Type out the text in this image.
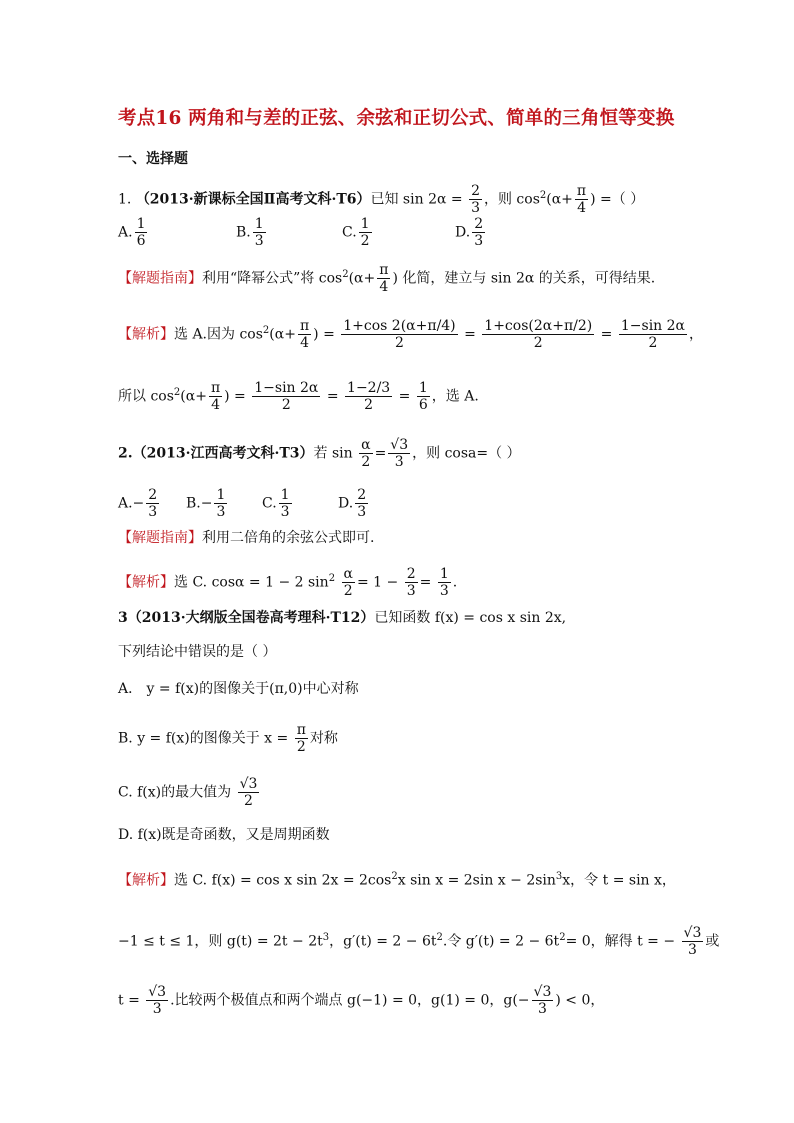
考点16 两角和与差的正弦、余弦和正切公式、简单的三角恒等变换
一、选择题
1. （2013·新课标全国Ⅱ高考文科·T6）已知 $\sin 2\alpha = \frac{2}{3}$ ，则 $\cos^2(\alpha+ \frac{\pi}{4}$ ) =（ ）
A. $\frac{1}{6}$	B. $\frac{1}{3}$	C. $\frac{1}{2}$	D. $\frac{2}{3}$
【解题指南】利用“降幂公式”将 $\cos^2(\alpha+ \frac{\pi}{4}$ ) 化简，建立与 sin 2α 的关系，可得结果.
【解析】选 A.因为 $\cos^2(\alpha+ \frac{\pi}{4}$ ) = $\frac{1+\cos 2(\alpha+\pi/4)}{2} = \frac{1+\cos(2\alpha+\pi/2)}{2} = \frac{1-\sin 2\alpha}{2}$ ，
所以 $\cos^2(\alpha+ \frac{\pi}{4}$ ) = $\frac{1-\sin 2\alpha}{2} = \frac{1-2/3}{2} = \frac{1}{6}$ ，选 A.
2.（2013·江西高考文科·T3）若 $\sin \frac{\alpha}{2} = \frac{√3}{3}$ ，则 cosa=（ ）
$A.- \frac{2}{3} B.- \frac{1}{3} C$. $\frac{1}{3}$	D. $\frac{2}{3}$
【解题指南】利用二倍角的余弦公式即可.
【解析】选 C. cosα = 1 − 2 $\sin^2 \frac{\alpha}{2} = 1 - \frac{2}{3} = \frac{1}{3}$ .
3（2013·大纲版全国卷高考理科·T12）已知函数 f(x) = cos x sin 2x,
下列结论中错误的是（ ）
A． y = f(x)的图像关于(π,0)中心对称
B. y = f(x)的图像关于 $x = \frac{\pi}{2}$ 对称
C. f(x)的最大值为 $\frac{√3}{2}$
D. f(x)既是奇函数，又是周期函数
【解析】选 C. f(x) = cos x $\sin 2x = 2\cos^2x$ sin x = 2sin $x - 2\sin^3x$，令 t = sin x，
−1 ≤ t ≤ 1，则 $g(t) = 2t - 2t^3$，$g'(t) = 2 - 6t^2$.令 $g'(t) = 2 - 6t^2= 0$，解得 t = − $\frac{√3}{3}$ 或
$t = \frac{√3}{3}$ .比较两个极值点和两个端点 g(−1) = 0，g(1) = 0，$g(- \frac{√3}{3}$ ) < 0，
